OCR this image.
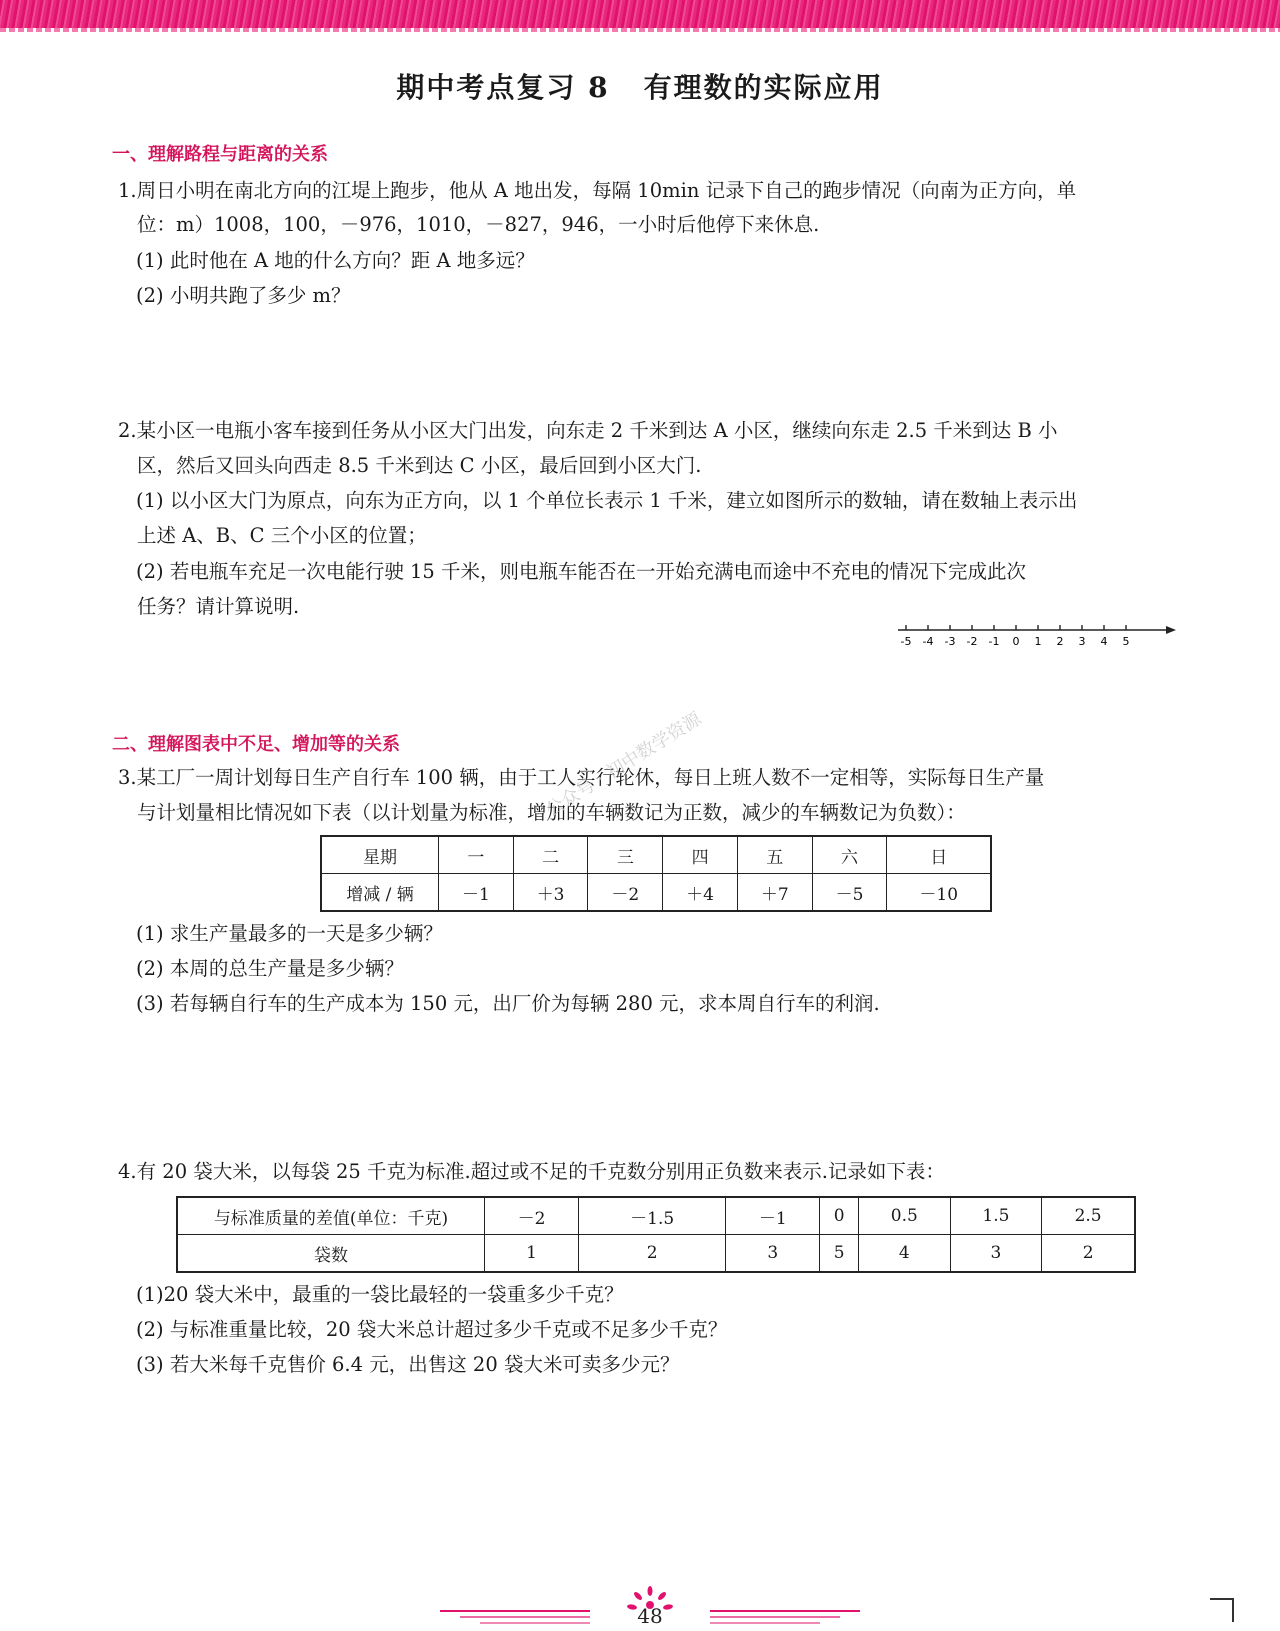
期中考点复习 8 有理数的实际应用
一、理解路程与距离的关系
1.周日小明在南北方向的江堤上跑步，他从 A 地出发，每隔 10min 记录下自己的跑步情况（向南为正方向，单
位：m）1008，100，－976，1010，－827，946，一小时后他停下来休息.
(1) 此时他在 A 地的什么方向？距 A 地多远？
(2) 小明共跑了多少 m？
2.某小区一电瓶小客车接到任务从小区大门出发，向东走 2 千米到达 A 小区，继续向东走 2.5 千米到达 B 小
区，然后又回头向西走 8.5 千米到达 C 小区，最后回到小区大门.
(1) 以小区大门为原点，向东为正方向，以 1 个单位长表示 1 千米，建立如图所示的数轴，请在数轴上表示出
上述 A、B、C 三个小区的位置；
(2) 若电瓶车充足一次电能行驶 15 千米，则电瓶车能否在一开始充满电而途中不充电的情况下完成此次
任务？请计算说明.
-5 -4 -3 -2 -1 0 1 2 3 4 5
二、理解图表中不足、增加等的关系
3.某工厂一周计划每日生产自行车 100 辆，由于工人实行轮休，每日上班人数不一定相等，实际每日生产量
与计划量相比情况如下表（以计划量为标准，增加的车辆数记为正数，减少的车辆数记为负数）：
星期	一	二	三	四	五	六	日
增减 / 辆	－1	＋3	－2	＋4	＋7	－5	－10
公众号 · 初中数学资源
(1) 求生产量最多的一天是多少辆？
(2) 本周的总生产量是多少辆？
(3) 若每辆自行车的生产成本为 150 元，出厂价为每辆 280 元，求本周自行车的利润.
4.有 20 袋大米，以每袋 25 千克为标准.超过或不足的千克数分别用正负数来表示.记录如下表：
与标准质量的差值(单位：千克)	－2	－1.5	－1	0	0.5	1.5	2.5
袋数	1	2	3	5	4	3	2
(1)20 袋大米中，最重的一袋比最轻的一袋重多少千克？
(2) 与标准重量比较，20 袋大米总计超过多少千克或不足多少千克？
(3) 若大米每千克售价 6.4 元，出售这 20 袋大米可卖多少元？
48
